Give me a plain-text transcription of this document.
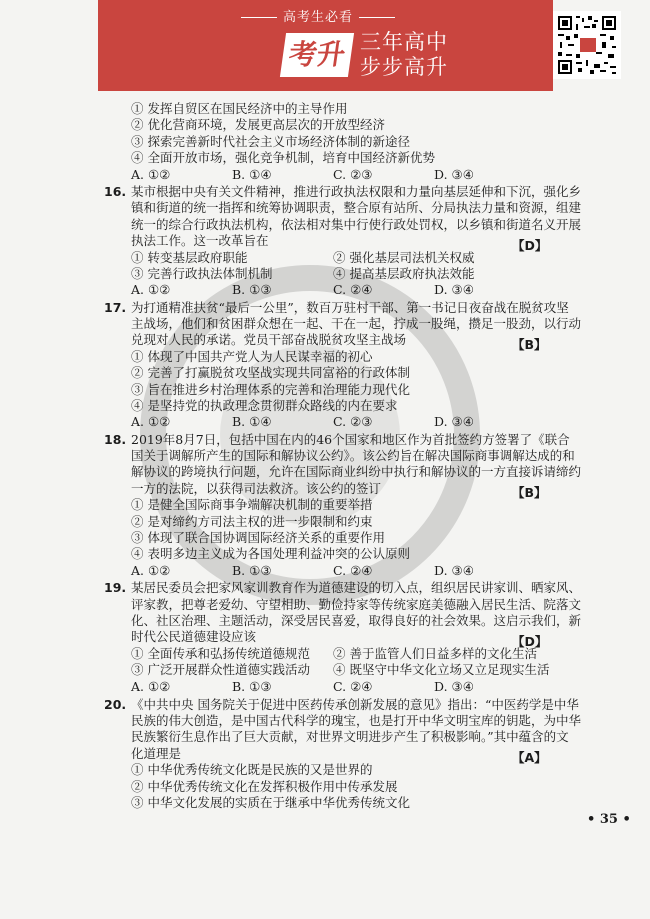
高考生必看
考升 三年高中
步步高升
① 发挥自贸区在国民经济中的主导作用
② 优化营商环境，发展更高层次的开放型经济
③ 探索完善新时代社会主义市场经济体制的新途径
④ 全面开放市场，强化竞争机制，培育中国经济新优势
A. ①②	B. ①④	C. ②③	D. ③④
16. 某市根据中央有关文件精神，推进行政执法权限和力量向基层延伸和下沉，强化乡
镇和街道的统一指挥和统筹协调职责，整合原有站所、分局执法力量和资源，组建
统一的综合行政执法机构，依法相对集中行使行政处罚权，以乡镇和街道名义开展
执法工作。这一改革旨在	【D】
① 转变基层政府职能	② 强化基层司法机关权威
③ 完善行政执法体制机制	④ 提高基层政府执法效能
A. ①②	B. ①③	C. ②④	D. ③④
17. 为打通精准扶贫“最后一公里”，数百万驻村干部、第一书记日夜奋战在脱贫攻坚
主战场，他们和贫困群众想在一起、干在一起，拧成一股绳，攒足一股劲，以行动
兑现对人民的承诺。党员干部奋战脱贫攻坚主战场	【B】
① 体现了中国共产党人为人民谋幸福的初心
② 完善了打赢脱贫攻坚战实现共同富裕的行政体制
③ 旨在推进乡村治理体系的完善和治理能力现代化
④ 是坚持党的执政理念贯彻群众路线的内在要求
A. ①②	B. ①④	C. ②③	D. ③④
18. 2019年8月7日，包括中国在内的46个国家和地区作为首批签约方签署了《联合
国关于调解所产生的国际和解协议公约》。该公约旨在解决国际商事调解达成的和
解协议的跨境执行问题，允许在国际商业纠纷中执行和解协议的一方直接诉请缔约
一方的法院，以获得司法救济。该公约的签订	【B】
① 是健全国际商事争端解决机制的重要举措
② 是对缔约方司法主权的进一步限制和约束
③ 体现了联合国协调国际经济关系的重要作用
④ 表明多边主义成为各国处理利益冲突的公认原则
A. ①②	B. ①③	C. ②④	D. ③④
19. 某居民委员会把家风家训教育作为道德建设的切入点，组织居民讲家训、晒家风、
评家教，把尊老爱幼、守望相助、勤俭持家等传统家庭美德融入居民生活、院落文
化、社区治理、主题活动，深受居民喜爱，取得良好的社会效果。这启示我们，新
时代公民道德建设应该	【D】
① 全面传承和弘扬传统道德规范 ② 善于监管人们日益多样的文化生活
③ 广泛开展群众性道德实践活动 ④ 既坚守中华文化立场又立足现实生活
A. ①②	B. ①③	C. ②④	D. ③④
20. 《中共中央 国务院关于促进中医药传承创新发展的意见》指出：“中医药学是中华
民族的伟大创造，是中国古代科学的瑰宝，也是打开中华文明宝库的钥匙，为中华
民族繁衍生息作出了巨大贡献，对世界文明进步产生了积极影响。”其中蕴含的文
化道理是	【A】
① 中华优秀传统文化既是民族的又是世界的
② 中华优秀传统文化在发挥积极作用中传承发展
③ 中华文化发展的实质在于继承中华优秀传统文化
• 35 •
